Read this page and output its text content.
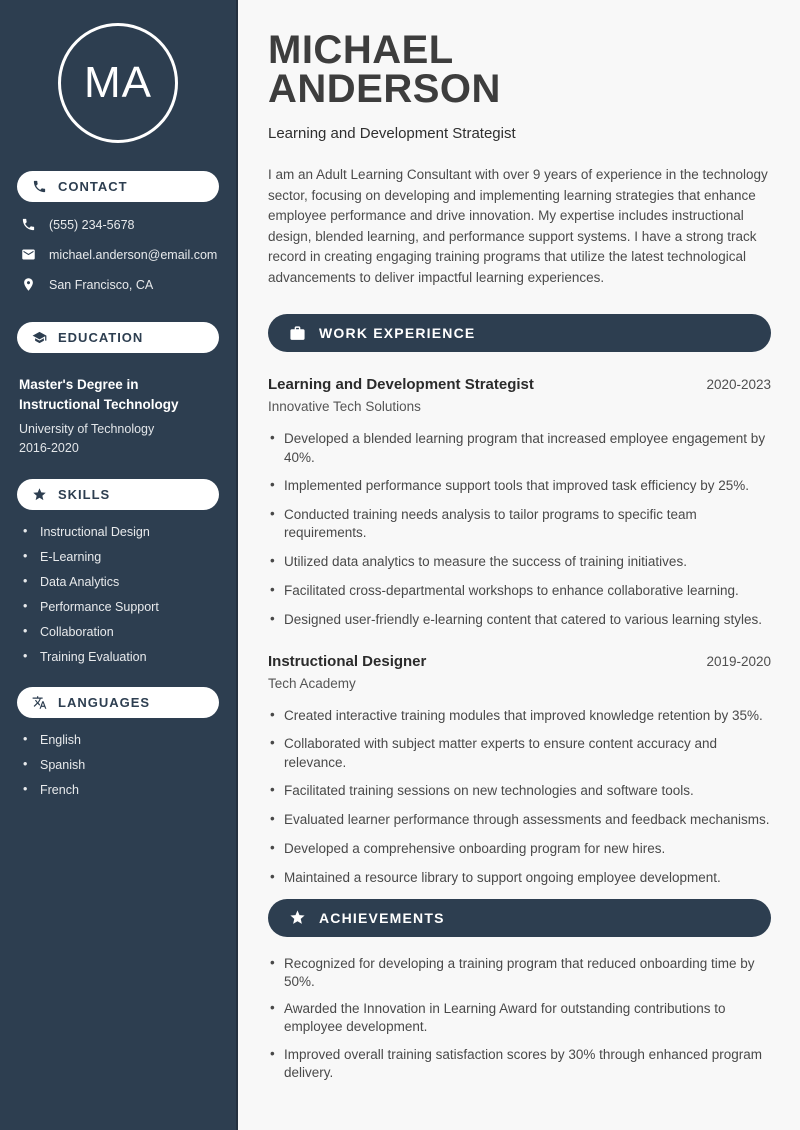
MA
CONTACT
(555) 234-5678
michael.anderson@email.com
San Francisco, CA
EDUCATION
Master's Degree in Instructional Technology
University of Technology
2016-2020
SKILLS
• Instructional Design
• E-Learning
• Data Analytics
• Performance Support
• Collaboration
• Training Evaluation
LANGUAGES
• English
• Spanish
• French
MICHAEL
ANDERSON
Learning and Development Strategist

I am an Adult Learning Consultant with over 9 years of experience in the technology sector, focusing on developing and implementing learning strategies that enhance employee performance and drive innovation. My expertise includes instructional design, blended learning, and performance support systems. I have a strong track record in creating engaging training programs that utilize the latest technological advancements to deliver impactful learning experiences.

WORK EXPERIENCE
Learning and Development Strategist	2020-2023
Innovative Tech Solutions
• Developed a blended learning program that increased employee engagement by 40%.
• Implemented performance support tools that improved task efficiency by 25%.
• Conducted training needs analysis to tailor programs to specific team requirements.
• Utilized data analytics to measure the success of training initiatives.
• Facilitated cross-departmental workshops to enhance collaborative learning.
• Designed user-friendly e-learning content that catered to various learning styles.
Instructional Designer	2019-2020
Tech Academy
• Created interactive training modules that improved knowledge retention by 35%.
• Collaborated with subject matter experts to ensure content accuracy and relevance.
• Facilitated training sessions on new technologies and software tools.
• Evaluated learner performance through assessments and feedback mechanisms.
• Developed a comprehensive onboarding program for new hires.
• Maintained a resource library to support ongoing employee development.
ACHIEVEMENTS
• Recognized for developing a training program that reduced onboarding time by 50%.
• Awarded the Innovation in Learning Award for outstanding contributions to employee development.
• Improved overall training satisfaction scores by 30% through enhanced program delivery.
